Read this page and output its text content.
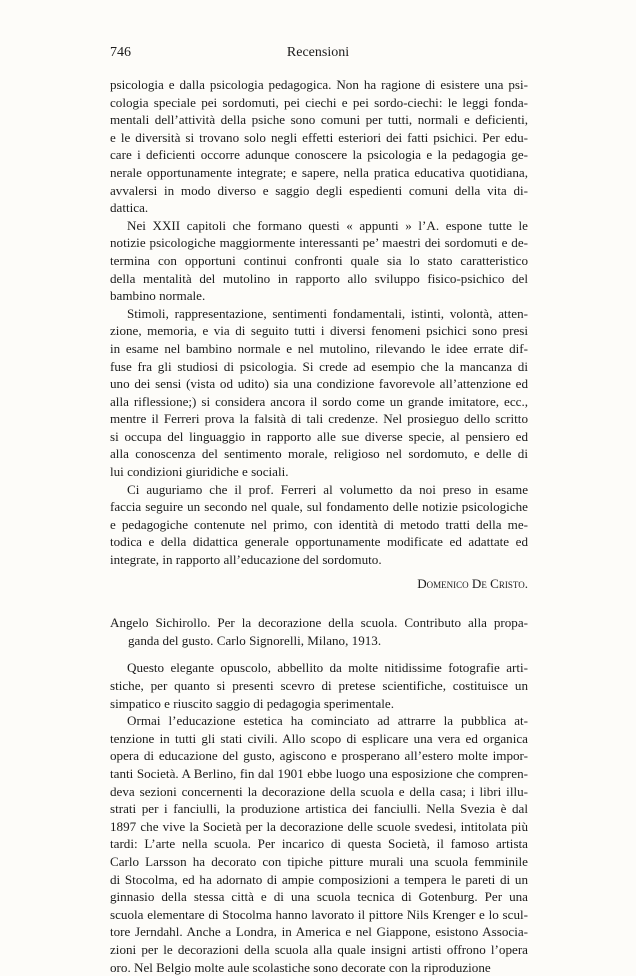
746	Recensioni
psicologia e dalla psicologia pedagogica. Non ha ragione di esistere una psi-
cologia speciale pei sordomuti, pei ciechi e pei sordo-ciechi: le leggi fonda-
mentali dell’attività della psiche sono comuni per tutti, normali e deficienti,
e le diversità si trovano solo negli effetti esteriori dei fatti psichici. Per edu-
care i deficienti occorre adunque conoscere la psicologia e la pedagogia ge-
nerale opportunamente integrate; e sapere, nella pratica educativa quotidiana,
avvalersi in modo diverso e saggio degli espedienti comuni della vita di-
dattica.
Nei XXII capitoli che formano questi « appunti » l’A. espone tutte le
notizie psicologiche maggiormente interessanti pe’ maestri dei sordomuti e de-
termina con opportuni continui confronti quale sia lo stato caratteristico
della mentalità del mutolino in rapporto allo sviluppo fisico-psichico del
bambino normale.
Stimoli, rappresentazione, sentimenti fondamentali, istinti, volontà, atten-
zione, memoria, e via di seguito tutti i diversi fenomeni psichici sono presi
in esame nel bambino normale e nel mutolino, rilevando le idee errate dif-
fuse fra gli studiosi di psicologia. Si crede ad esempio che la mancanza di
uno dei sensi (vista od udito) sia una condizione favorevole all’attenzione ed
alla riflessione;) si considera ancora il sordo come un grande imitatore, ecc.,
mentre il Ferreri prova la falsità di tali credenze. Nel prosieguo dello scritto
si occupa del linguaggio in rapporto alle sue diverse specie, al pensiero ed
alla conoscenza del sentimento morale, religioso nel sordomuto, e delle di
lui condizioni giuridiche e sociali.
Ci auguriamo che il prof. Ferreri al volumetto da noi preso in esame
faccia seguire un secondo nel quale, sul fondamento delle notizie psicologiche
e pedagogiche contenute nel primo, con identità di metodo tratti della me-
todica e della didattica generale opportunamente modificate ed adattate ed
integrate, in rapporto all’educazione del sordomuto.
Domenico De Cristo.
Angelo Sichirollo. Per la decorazione della scuola. Contributo alla propa-
ganda del gusto. Carlo Signorelli, Milano, 1913.
Questo elegante opuscolo, abbellito da molte nitidissime fotografie arti-
stiche, per quanto si presenti scevro di pretese scientifiche, costituisce un
simpatico e riuscito saggio di pedagogia sperimentale.
Ormai l’educazione estetica ha cominciato ad attrarre la pubblica at-
tenzione in tutti gli stati civili. Allo scopo di esplicare una vera ed organica
opera di educazione del gusto, agiscono e prosperano all’estero molte impor-
tanti Società. A Berlino, fin dal 1901 ebbe luogo una esposizione che compren-
deva sezioni concernenti la decorazione della scuola e della casa; i libri illu-
strati per i fanciulli, la produzione artistica dei fanciulli. Nella Svezia è dal
1897 che vive la Società per la decorazione delle scuole svedesi, intitolata più
tardi: L’arte nella scuola. Per incarico di questa Società, il famoso artista
Carlo Larsson ha decorato con tipiche pitture murali una scuola femminile
di Stocolma, ed ha adornato di ampie composizioni a tempera le pareti di un
ginnasio della stessa città e di una scuola tecnica di Gotenburg. Per una
scuola elementare di Stocolma hanno lavorato il pittore Nils Krenger e lo scul-
tore Jerndahl. Anche a Londra, in America e nel Giappone, esistono Associa-
zioni per le decorazioni della scuola alla quale insigni artisti offrono l’opera
oro. Nel Belgio molte aule scolastiche sono decorate con la riproduzione
